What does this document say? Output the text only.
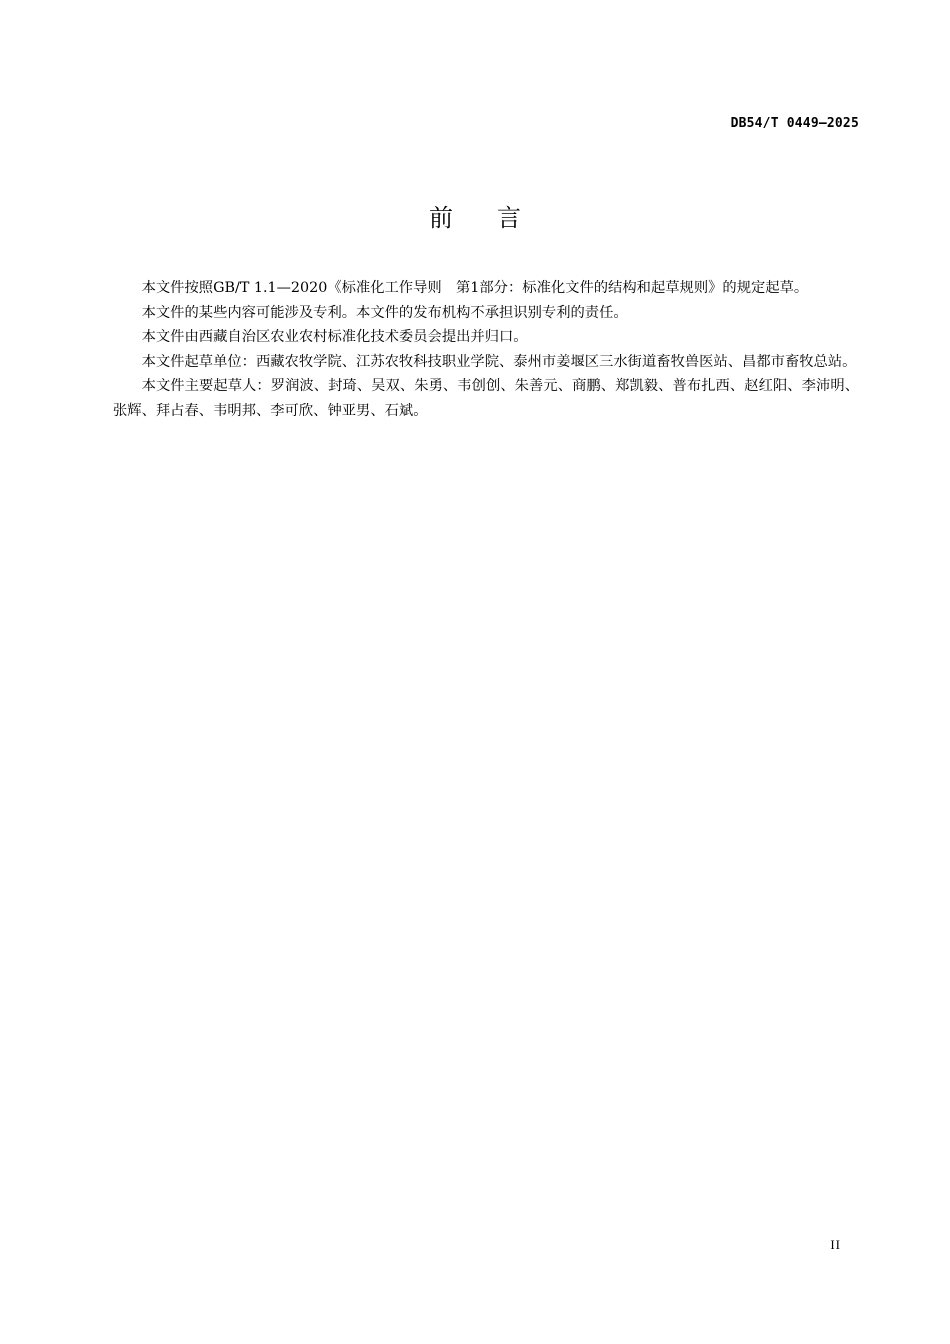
DB54/T 0449—2025
前言

本文件按照GB/T 1.1—2020《标准化工作导则　第1部分：标准化文件的结构和起草规则》的规定起草。

本文件的某些内容可能涉及专利。本文件的发布机构不承担识别专利的责任。

本文件由西藏自治区农业农村标准化技术委员会提出并归口。

本文件起草单位：西藏农牧学院、江苏农牧科技职业学院、泰州市姜堰区三水街道畜牧兽医站、昌都市畜牧总站。

本文件主要起草人：罗润波、封琦、吴双、朱勇、韦创创、朱善元、商鹏、郑凯毅、普布扎西、赵红阳、李沛明、张辉、拜占春、韦明邦、李可欣、钟亚男、石斌。

II
